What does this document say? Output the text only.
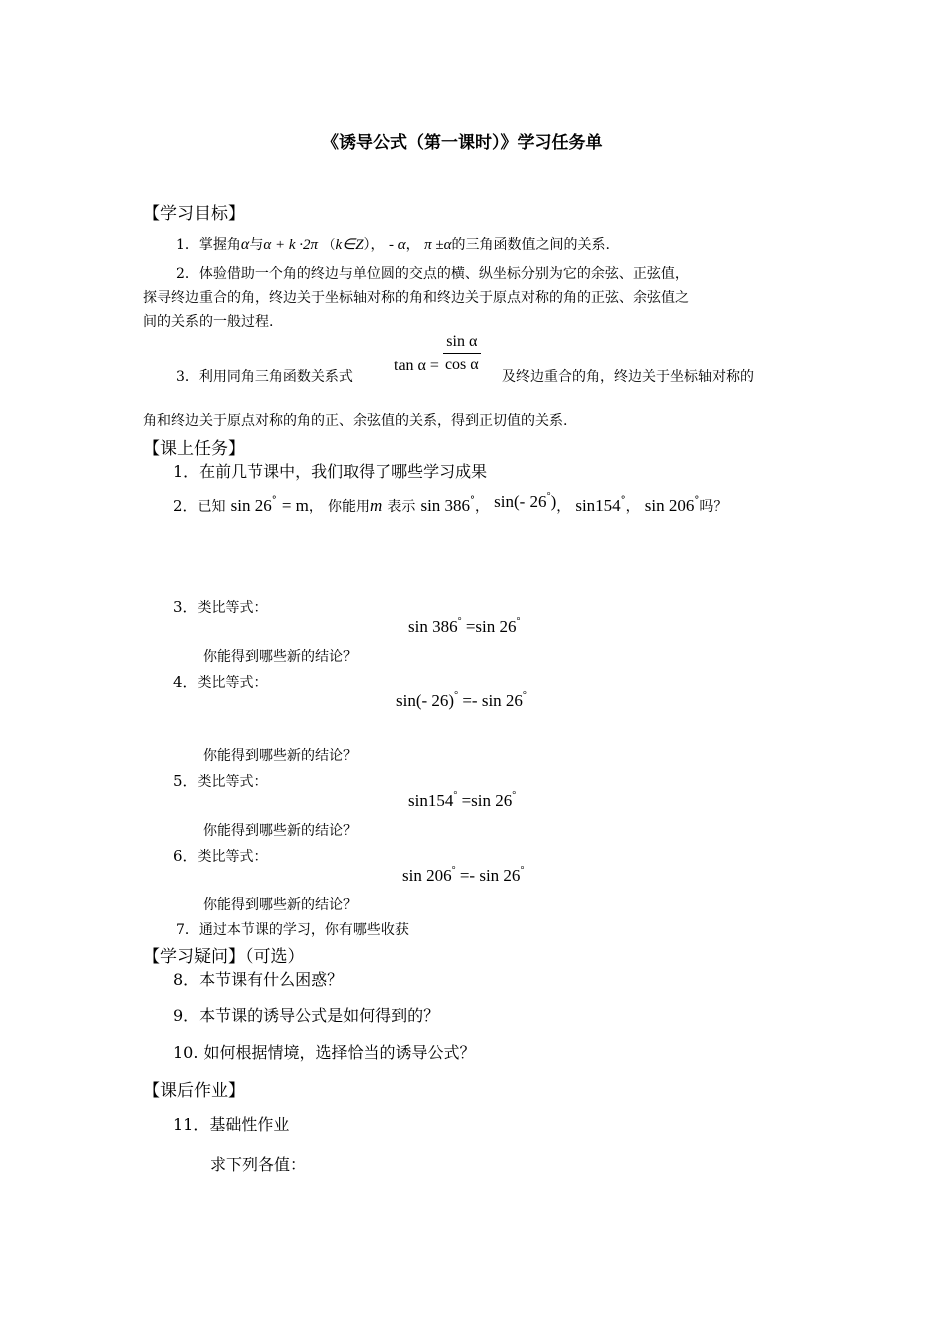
《诱导公式（第一课时）》学习任务单
【学习目标】
1．掌握角α与α + k ·2π （k∈Z）， - α， π ±α的三角函数值之间的关系.
2．体验借助一个角的终边与单位圆的交点的横、纵坐标分别为它的余弦、正弦值，
探寻终边重合的角，终边关于坐标轴对称的角和终边关于原点对称的角的正弦、余弦值之
间的关系的一般过程.
3．利用同角三角函数关系式
$\tan \alpha = \frac{\text{sin α}}{\text{cos α}}$
及终边重合的角，终边关于坐标轴对称的
角和终边关于原点对称的角的正、余弦值的关系，得到正切值的关系.
【课上任务】
1．在前几节课中，我们取得了哪些学习成果
2．已知 sin 26° = m， 你能用m 表示 sin 386°， sin(- 26°)， sin154°， sin 206°吗？
3．类比等式：
sin 386° =sin 26°
你能得到哪些新的结论？
4．类比等式：
sin(- 26)° =- sin 26°
你能得到哪些新的结论？
5．类比等式：
sin154° =sin 26°
你能得到哪些新的结论？
6．类比等式：
sin 206° =- sin 26°
你能得到哪些新的结论？
7．通过本节课的学习，你有哪些收获
【学习疑问】（可选）
8．本节课有什么困惑？
9．本节课的诱导公式是如何得到的？
10. 如何根据情境，选择恰当的诱导公式？
【课后作业】
11．基础性作业
求下列各值：
